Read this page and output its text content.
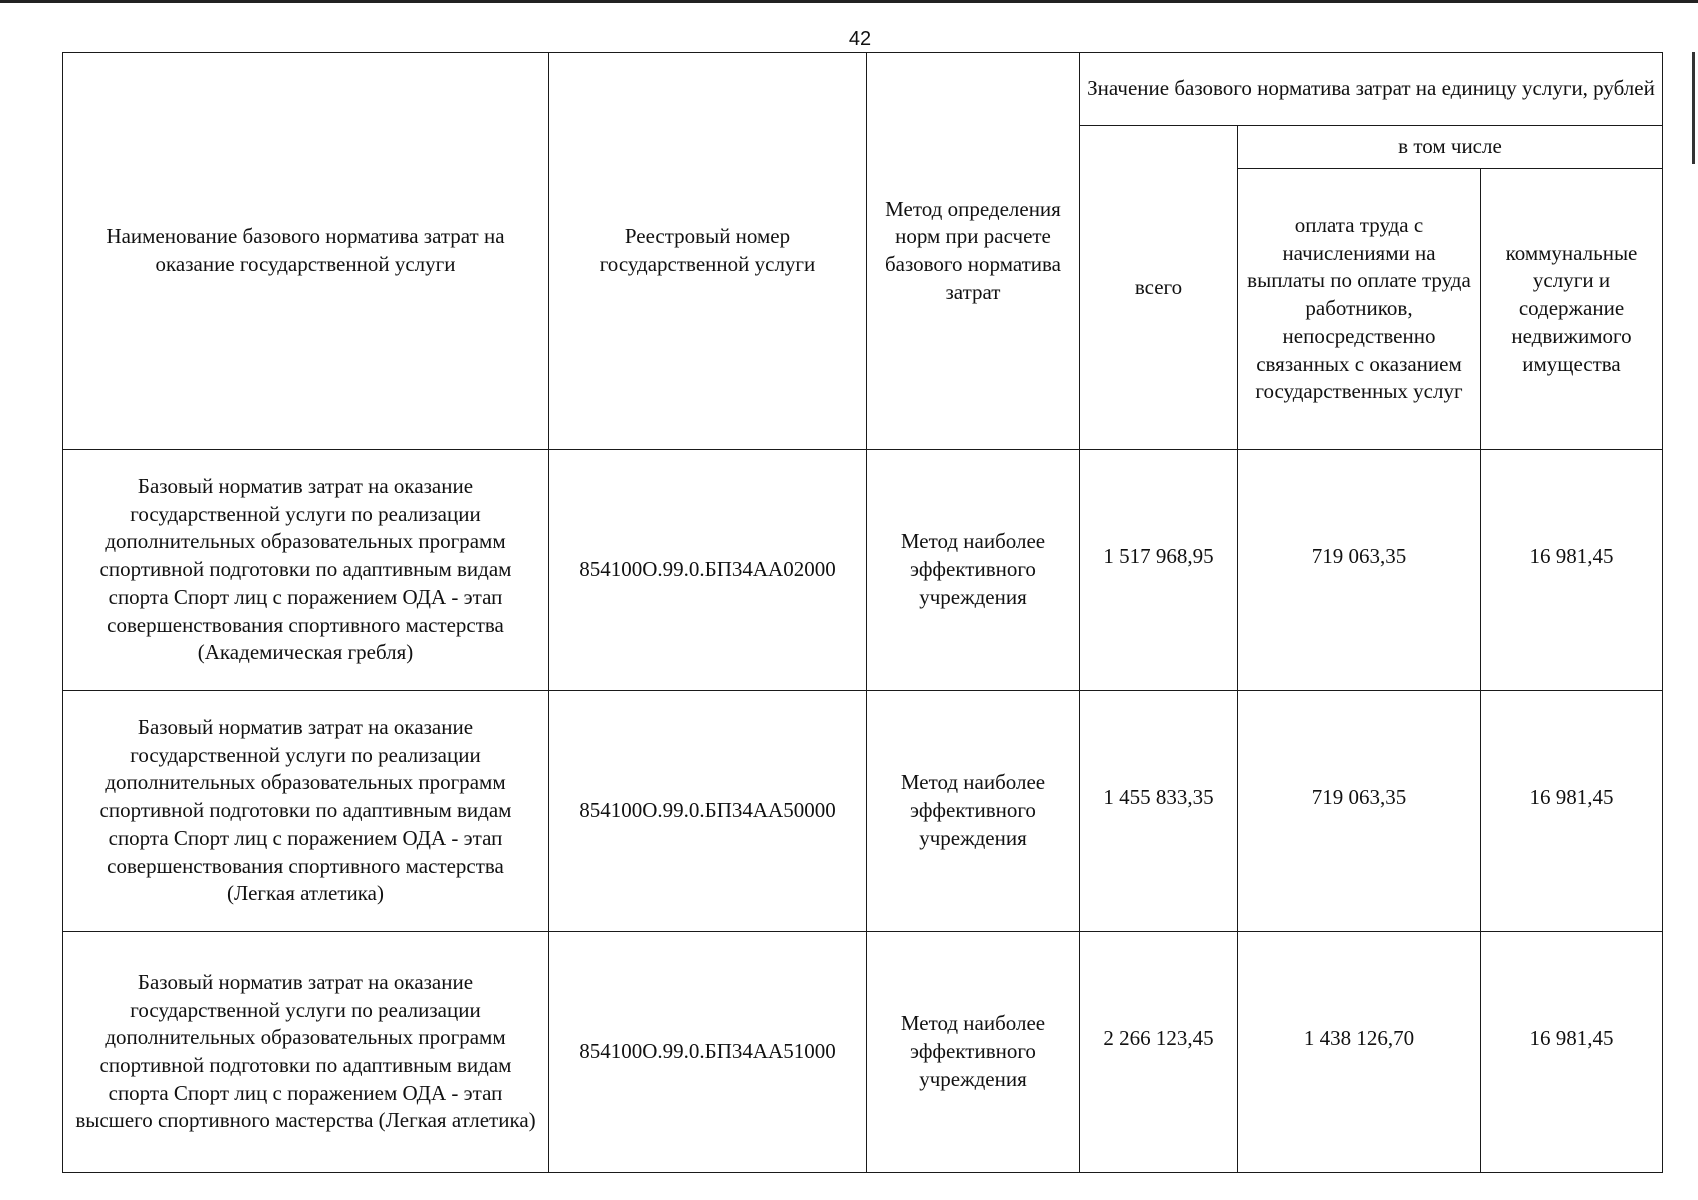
42
Наименование базового норматива затрат на оказание государственной услуги	Реестровый номер государственной услуги	Метод определения норм при расчете базового норматива затрат	Значение базового норматива затрат на единицу услуги, рублей		
			всего	в том числе	
				оплата труда с начислениями на выплаты по оплате труда работников, непосредственно связанных с оказанием государственных услуг	коммунальные услуги и содержание недвижимого имущества
Базовый норматив затрат на оказание государственной услуги по реализации дополнительных образовательных программ спортивной подготовки по адаптивным видам спорта Спорт лиц с поражением ОДА - этап совершенствования спортивного мастерства (Академическая гребля)	854100О.99.0.БП34АА02000	Метод наиболее эффективного учреждения	1 517 968,95	719 063,35	16 981,45
Базовый норматив затрат на оказание государственной услуги по реализации дополнительных образовательных программ спортивной подготовки по адаптивным видам спорта Спорт лиц с поражением ОДА - этап совершенствования спортивного мастерства (Легкая атлетика)	854100О.99.0.БП34АА50000	Метод наиболее эффективного учреждения	1 455 833,35	719 063,35	16 981,45
Базовый норматив затрат на оказание государственной услуги по реализации дополнительных образовательных программ спортивной подготовки по адаптивным видам спорта Спорт лиц с поражением ОДА - этап высшего спортивного мастерства (Легкая атлетика)	854100О.99.0.БП34АА51000	Метод наиболее эффективного учреждения	2 266 123,45	1 438 126,70	16 981,45
